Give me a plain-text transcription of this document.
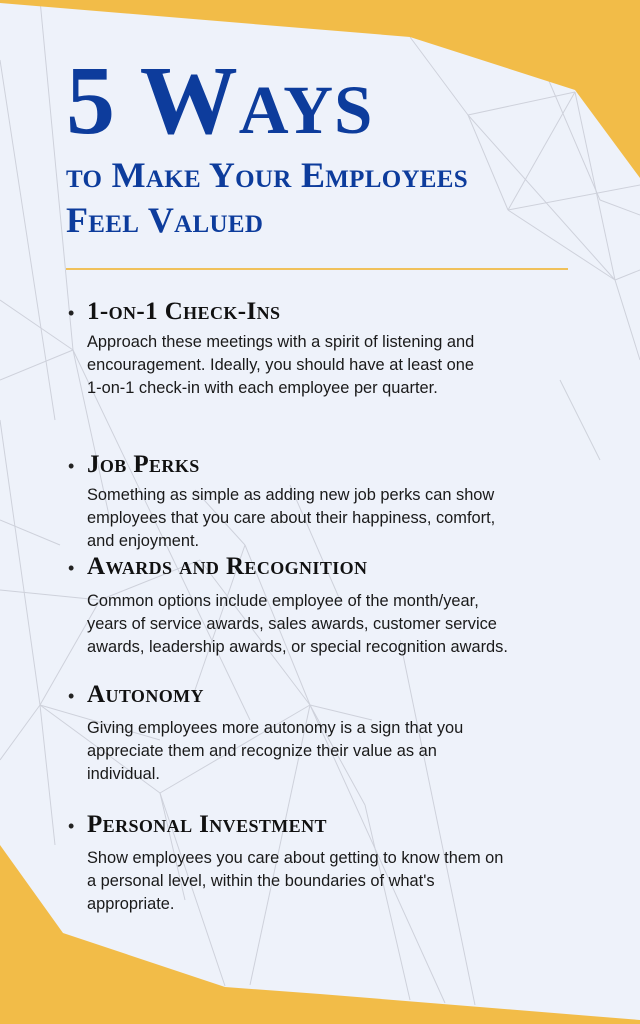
5 Ways
to Make Your Employees
Feel Valued
• 1-on-1 Check-Ins
Approach these meetings with a spirit of listening and
encouragement. Ideally, you should have at least one
1-on-1 check-in with each employee per quarter.
• Job Perks
Something as simple as adding new job perks can show
employees that you care about their happiness, comfort,
and enjoyment.
• Awards and Recognition
Common options include employee of the month/year,
years of service awards, sales awards, customer service
awards, leadership awards, or special recognition awards.
• Autonomy
Giving employees more autonomy is a sign that you
appreciate them and recognize their value as an
individual.
• Personal Investment
Show employees you care about getting to know them on
a personal level, within the boundaries of what's
appropriate.
